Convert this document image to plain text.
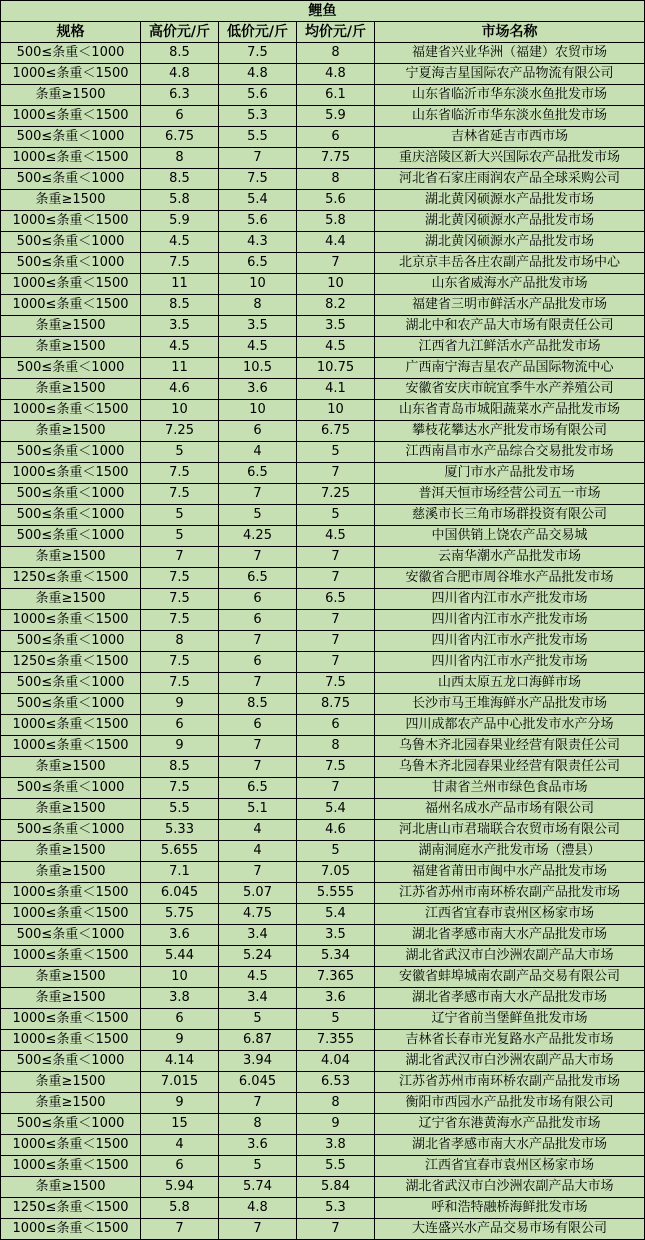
鲤鱼				
规格	高价元/斤	低价元/斤	均价元/斤	市场名称
500≤条重＜1000	8.5	7.5	8	福建省兴业华洲（福建）农贸市场
1000≤条重＜1500	4.8	4.8	4.8	宁夏海吉星国际农产品物流有限公司
条重≥1500	6.3	5.6	6.1	山东省临沂市华东淡水鱼批发市场
1000≤条重＜1500	6	5.3	5.9	山东省临沂市华东淡水鱼批发市场
500≤条重＜1000	6.75	5.5	6	吉林省延吉市西市场
1000≤条重＜1500	8	7	7.75	重庆涪陵区新大兴国际农产品批发市场
500≤条重＜1000	8.5	7.5	8	河北省石家庄雨润农产品全球采购公司
条重≥1500	5.8	5.4	5.6	湖北黄冈硕源水产品批发市场
1000≤条重＜1500	5.9	5.6	5.8	湖北黄冈硕源水产品批发市场
500≤条重＜1000	4.5	4.3	4.4	湖北黄冈硕源水产品批发市场
500≤条重＜1000	7.5	6.5	7	北京京丰岳各庄农副产品批发市场中心
1000≤条重＜1500	11	10	10	山东省威海水产品批发市场
1000≤条重＜1500	8.5	8	8.2	福建省三明市鲜活水产品批发市场
条重≥1500	3.5	3.5	3.5	湖北中和农产品大市场有限责任公司
条重≥1500	4.5	4.5	4.5	江西省九江鲜活水产品批发市场
500≤条重＜1000	11	10.5	10.75	广西南宁海吉星农产品国际物流中心
条重≥1500	4.6	3.6	4.1	安徽省安庆市皖宜季牛水产养殖公司
1000≤条重＜1500	10	10	10	山东省青岛市城阳蔬菜水产品批发市场
条重≥1500	7.25	6	6.75	攀枝花攀达水产批发市场有限公司
500≤条重＜1000	5	4	5	江西南昌市水产品综合交易批发市场
1000≤条重＜1500	7.5	6.5	7	厦门市水产品批发市场
500≤条重＜1000	7.5	7	7.25	普洱天恒市场经营公司五一市场
500≤条重＜1000	5	5	5	慈溪市长三角市场群投资有限公司
500≤条重＜1000	5	4.25	4.5	中国供销上饶农产品交易城
条重≥1500	7	7	7	云南华潮水产品批发市场
1250≤条重＜1500	7.5	6.5	7	安徽省合肥市周谷堆水产品批发市场
条重≥1500	7.5	6	6.5	四川省内江市水产批发市场
1000≤条重＜1500	7.5	6	7	四川省内江市水产批发市场
500≤条重＜1000	8	7	7	四川省内江市水产批发市场
1250≤条重＜1500	7.5	6	7	四川省内江市水产批发市场
500≤条重＜1000	7.5	7	7.5	山西太原五龙口海鲜市场
500≤条重＜1000	9	8.5	8.75	长沙市马王堆海鲜水产品批发市场
1000≤条重＜1500	6	6	6	四川成都农产品中心批发市水产分场
1000≤条重＜1500	9	7	8	乌鲁木齐北园春果业经营有限责任公司
条重≥1500	8.5	7	7.5	乌鲁木齐北园春果业经营有限责任公司
500≤条重＜1000	7.5	6.5	7	甘肃省兰州市绿色食品市场
条重≥1500	5.5	5.1	5.4	福州名成水产品市场有限公司
500≤条重＜1000	5.33	4	4.6	河北唐山市君瑞联合农贸市场有限公司
条重≥1500	5.655	4	5	湖南洞庭水产批发市场（澧县）
条重≥1500	7.1	7	7.05	福建省莆田市闽中水产品批发市场
1000≤条重＜1500	6.045	5.07	5.555	江苏省苏州市南环桥农副产品批发市场
1000≤条重＜1500	5.75	4.75	5.4	江西省宜春市袁州区杨家市场
500≤条重＜1000	3.6	3.4	3.5	湖北省孝感市南大水产品批发市场
1000≤条重＜1500	5.44	5.24	5.34	湖北省武汉市白沙洲农副产品大市场
条重≥1500	10	4.5	7.365	安徽省蚌埠城南农副产品交易有限公司
条重≥1500	3.8	3.4	3.6	湖北省孝感市南大水产品批发市场
1000≤条重＜1500	6	5	5	辽宁省前当堡鲜鱼批发市场
1000≤条重＜1500	9	6.87	7.355	吉林省长春市光复路水产品批发市场
500≤条重＜1000	4.14	3.94	4.04	湖北省武汉市白沙洲农副产品大市场
条重≥1500	7.015	6.045	6.53	江苏省苏州市南环桥农副产品批发市场
条重≥1500	9	7	8	衡阳市西园水产品批发市场有限公司
500≤条重＜1000	15	8	9	辽宁省东港黄海水产品批发市场
1000≤条重＜1500	4	3.6	3.8	湖北省孝感市南大水产品批发市场
1000≤条重＜1500	6	5	5.5	江西省宜春市袁州区杨家市场
条重≥1500	5.94	5.74	5.84	湖北省武汉市白沙洲农副产品大市场
1250≤条重＜1500	5.8	4.8	5.3	呼和浩特融桥海鲜批发市场
1000≤条重＜1500	7	7	7	大连盛兴水产品交易市场有限公司
